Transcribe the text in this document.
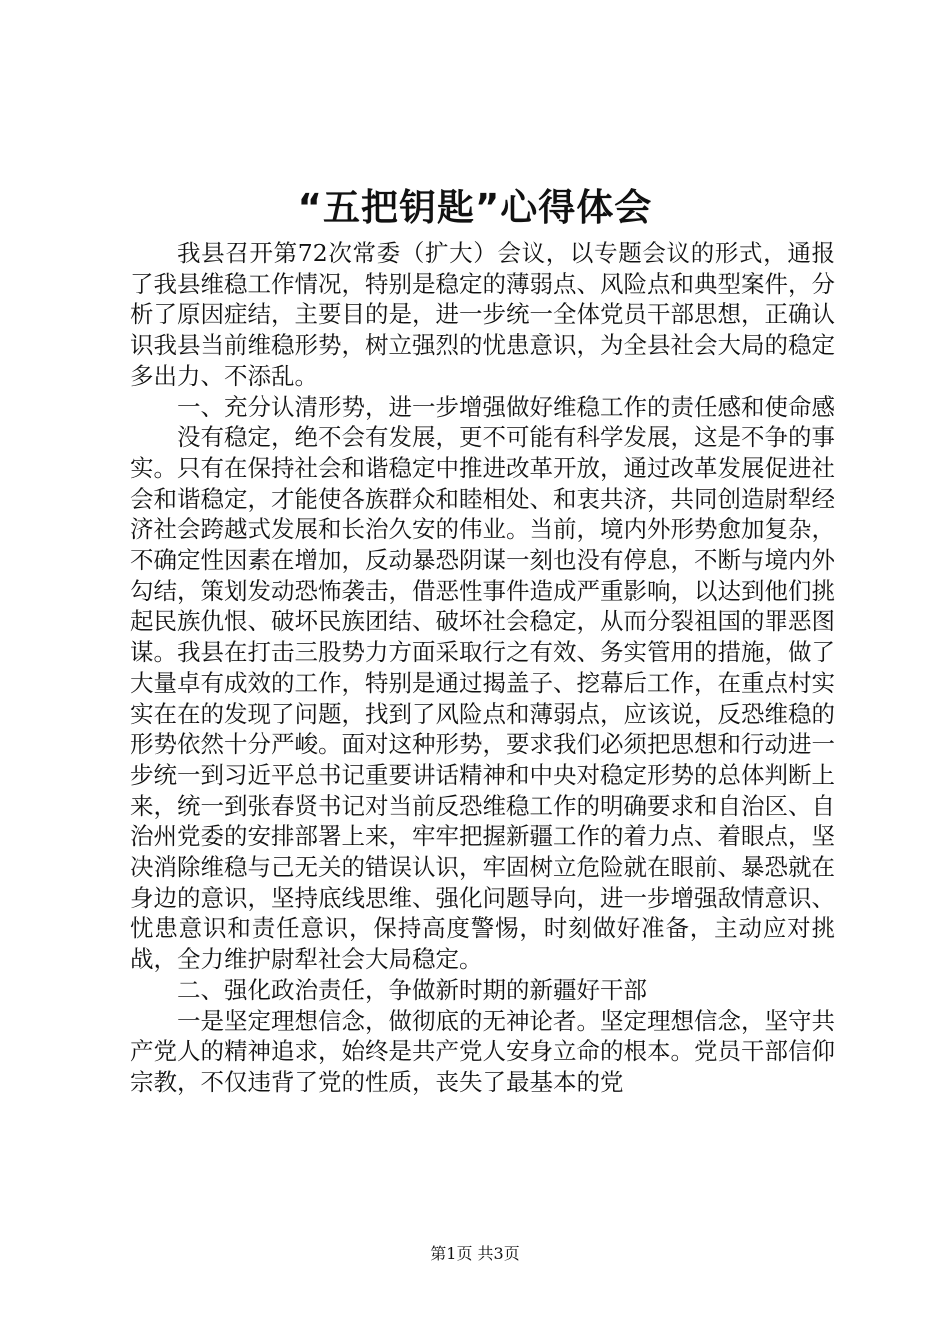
“五把钥匙”心得体会

我县召开第72次常委（扩大）会议，以专题会议的形式，通报了我县维稳工作情况，特别是稳定的薄弱点、风险点和典型案件，分析了原因症结，主要目的是，进一步统一全体党员干部思想，正确认识我县当前维稳形势，树立强烈的忧患意识，为全县社会大局的稳定多出力、不添乱。

一、充分认清形势，进一步增强做好维稳工作的责任感和使命感

没有稳定，绝不会有发展，更不可能有科学发展，这是不争的事实。只有在保持社会和谐稳定中推进改革开放，通过改革发展促进社会和谐稳定，才能使各族群众和睦相处、和衷共济，共同创造尉犁经济社会跨越式发展和长治久安的伟业。当前，境内外形势愈加复杂，不确定性因素在增加，反动暴恐阴谋一刻也没有停息，不断与境内外勾结，策划发动恐怖袭击，借恶性事件造成严重影响，以达到他们挑起民族仇恨、破坏民族团结、破坏社会稳定，从而分裂祖国的罪恶图谋。我县在打击三股势力方面采取行之有效、务实管用的措施，做了大量卓有成效的工作，特别是通过揭盖子、挖幕后工作，在重点村实实在在的发现了问题，找到了风险点和薄弱点，应该说，反恐维稳的形势依然十分严峻。面对这种形势，要求我们必须把思想和行动进一步统一到习近平总书记重要讲话精神和中央对稳定形势的总体判断上来，统一到张春贤书记对当前反恐维稳工作的明确要求和自治区、自治州党委的安排部署上来，牢牢把握新疆工作的着力点、着眼点，坚决消除维稳与己无关的错误认识，牢固树立危险就在眼前、暴恐就在身边的意识，坚持底线思维、强化问题导向，进一步增强敌情意识、忧患意识和责任意识，保持高度警惕，时刻做好准备，主动应对挑战，全力维护尉犁社会大局稳定。

二、强化政治责任，争做新时期的新疆好干部

一是坚定理想信念，做彻底的无神论者。坚定理想信念，坚守共产党人的精神追求，始终是共产党人安身立命的根本。党员干部信仰宗教，不仅违背了党的性质，丧失了最基本的党

第1页 共3页
